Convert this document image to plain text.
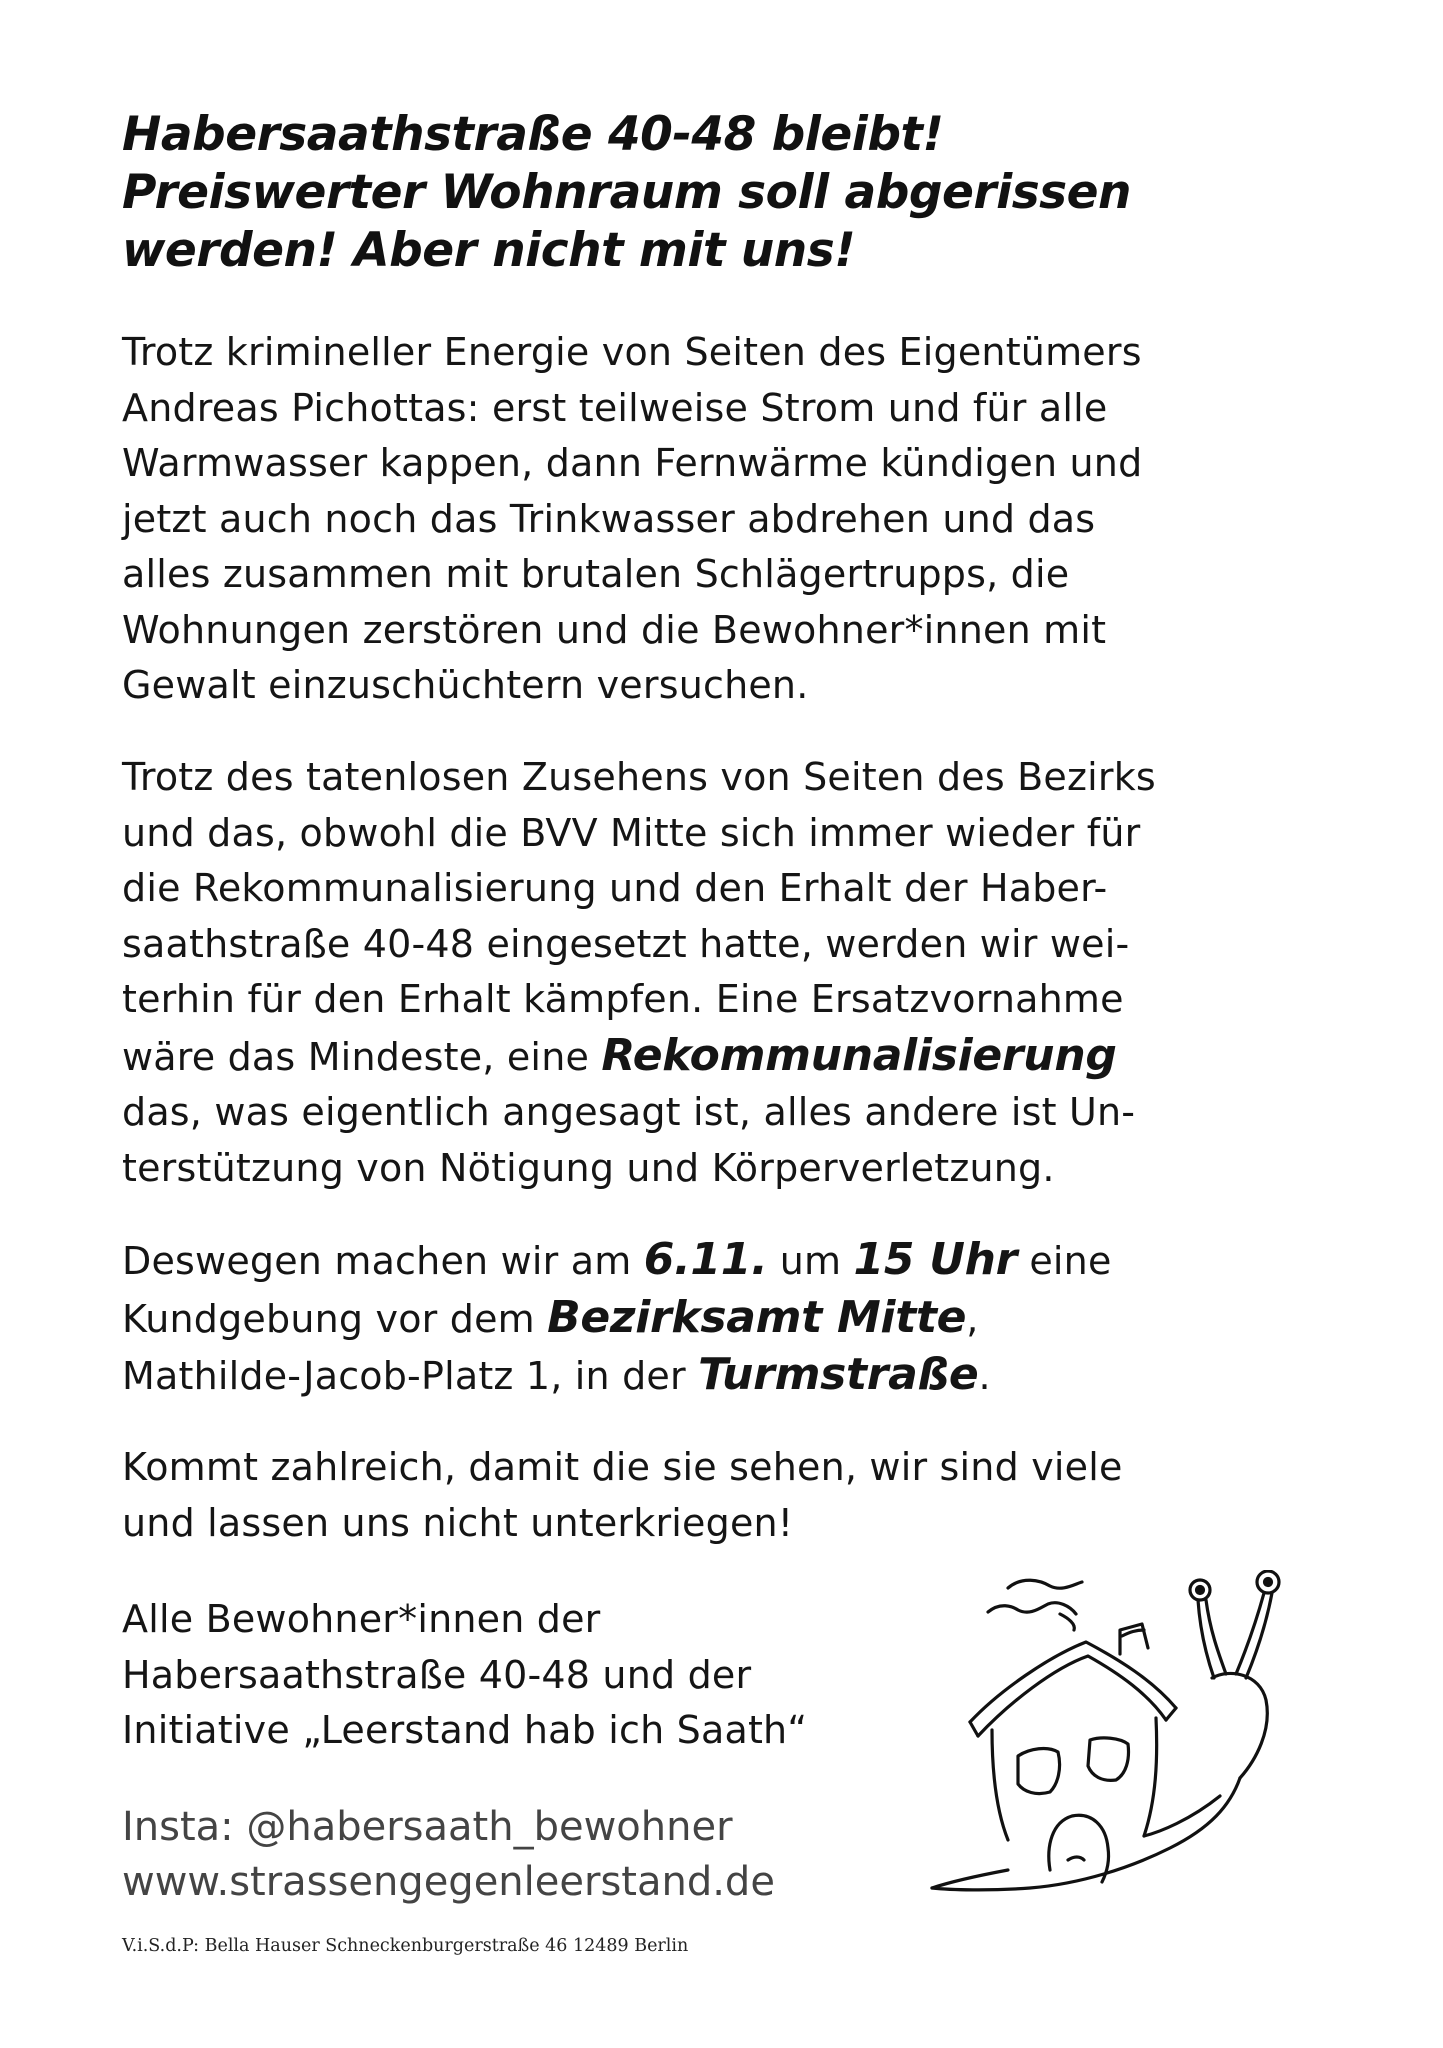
Habersaathstraße 40-48 bleibt!
Preiswerter Wohnraum soll abgerissen
werden! Aber nicht mit uns!

Trotz krimineller Energie von Seiten des Eigentümers
Andreas Pichottas: erst teilweise Strom und für alle
Warmwasser kappen, dann Fernwärme kündigen und
jetzt auch noch das Trinkwasser abdrehen und das
alles zusammen mit brutalen Schlägertrupps, die
Wohnungen zerstören und die Bewohner*innen mit
Gewalt einzuschüchtern versuchen.

Trotz des tatenlosen Zusehens von Seiten des Bezirks
und das, obwohl die BVV Mitte sich immer wieder für
die Rekommunalisierung und den Erhalt der Haber-
saathstraße 40-48 eingesetzt hatte, werden wir wei-
terhin für den Erhalt kämpfen. Eine Ersatzvornahme
wäre das Mindeste, eine Rekommunalisierung
das, was eigentlich angesagt ist, alles andere ist Un-
terstützung von Nötigung und Körperverletzung.

Deswegen machen wir am 6.11. um 15 Uhr eine
Kundgebung vor dem Bezirksamt Mitte,
Mathilde-Jacob-Platz 1, in der Turmstraße.

Kommt zahlreich, damit die sie sehen, wir sind viele
und lassen uns nicht unterkriegen!

Alle Bewohner*innen der
Habersaathstraße 40-48 und der
Initiative „Leerstand hab ich Saath“

Insta: @habersaath_bewohner
www.strassengegenleerstand.de
V.i.S.d.P: Bella Hauser Schneckenburgerstraße 46 12489 Berlin
